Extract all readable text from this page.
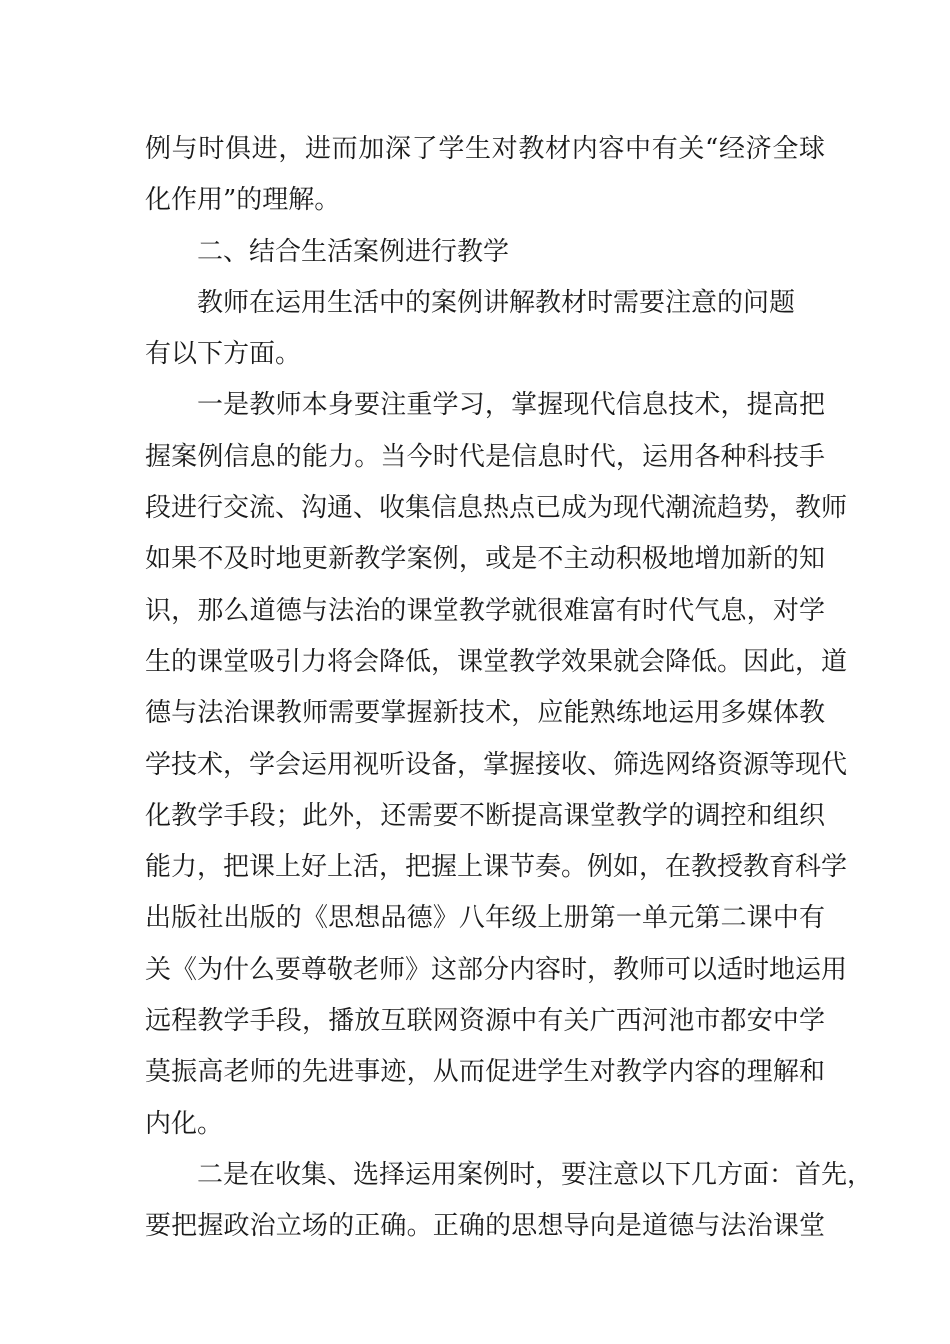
例与时俱进，进而加深了学生对教材内容中有关“经济全球
化作用”的理解。
二、结合生活案例进行教学
教师在运用生活中的案例讲解教材时需要注意的问题
有以下方面。
一是教师本身要注重学习，掌握现代信息技术，提高把
握案例信息的能力。当今时代是信息时代，运用各种科技手
段进行交流、沟通、收集信息热点已成为现代潮流趋势，教师
如果不及时地更新教学案例，或是不主动积极地增加新的知
识，那么道德与法治的课堂教学就很难富有时代气息，对学
生的课堂吸引力将会降低，课堂教学效果就会降低。因此，道
德与法治课教师需要掌握新技术，应能熟练地运用多媒体教
学技术，学会运用视听设备，掌握接收、筛选网络资源等现代
化教学手段；此外，还需要不断提高课堂教学的调控和组织
能力，把课上好上活，把握上课节奏。例如，在教授教育科学
出版社出版的《思想品德》八年级上册第一单元第二课中有
关《为什么要尊敬老师》这部分内容时，教师可以适时地运用
远程教学手段，播放互联网资源中有关广西河池市都安中学
莫振高老师的先进事迹，从而促进学生对教学内容的理解和
内化。
二是在收集、选择运用案例时，要注意以下几方面：首先，
要把握政治立场的正确。正确的思想导向是道德与法治课堂
